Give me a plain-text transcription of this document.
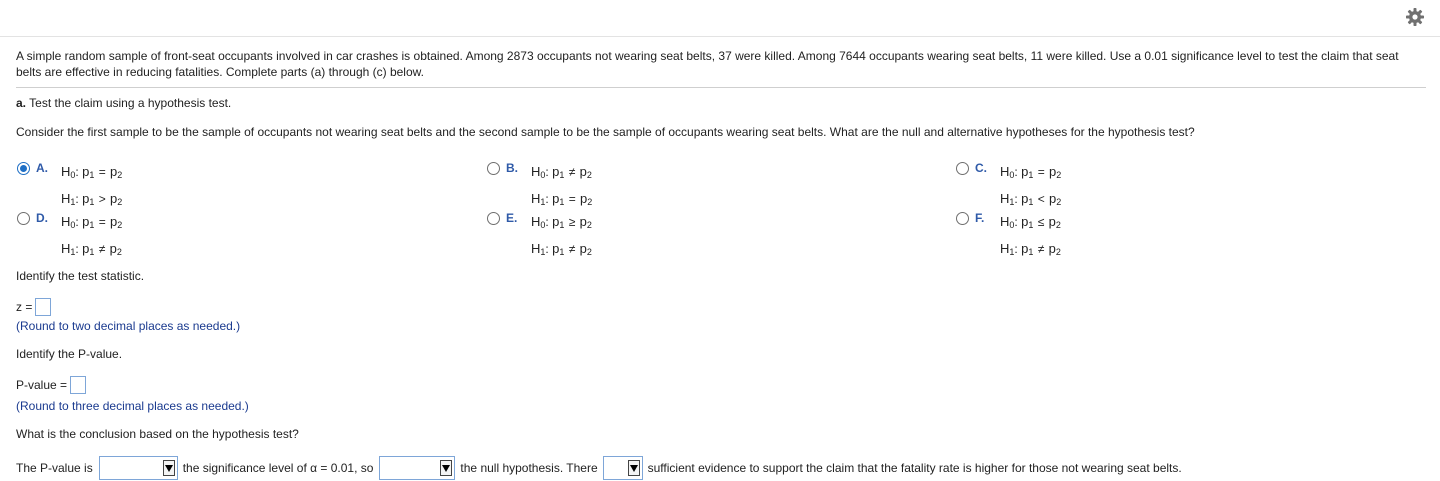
A simple random sample of front-seat occupants involved in car crashes is obtained. Among 2873 occupants not wearing seat belts, 37 were killed. Among 7644 occupants wearing seat belts, 11 were killed. Use a 0.01 significance level to test the claim that seat belts are effective in reducing fatalities. Complete parts (a) through (c) below.
a. Test the claim using a hypothesis test.
Consider the first sample to be the sample of occupants not wearing seat belts and the second sample to be the sample of occupants wearing seat belts. What are the null and alternative hypotheses for the hypothesis test?
A.	$H_0$: $p_1 = p_2$
$H_1$: $p_1 > p_2$
B.	$H_0$: $p_1 \ne p_2$
$H_1$: $p_1 = p_2$
C.	$H_0$: $p_1 = p_2$
$H_1$: $p_1 < p_2$
D.	$H_0$: $p_1 = p_2$
$H_1$: $p_1 \ne p_2$
E.	$H_0$: $p_1 \ge p_2$
$H_1$: $p_1 \ne p_2$
F.	$H_0$: $p_1 \le p_2$
$H_1$: $p_1 \ne p_2$
Identify the test statistic.
z =
(Round to two decimal places as needed.)
Identify the P-value.
P-value =
(Round to three decimal places as needed.)
What is the conclusion based on the hypothesis test?
The P-value is	the significance level of α = 0.01, so	the null hypothesis. There	sufficient evidence to support the claim that the fatality rate is higher for those not wearing seat belts.
